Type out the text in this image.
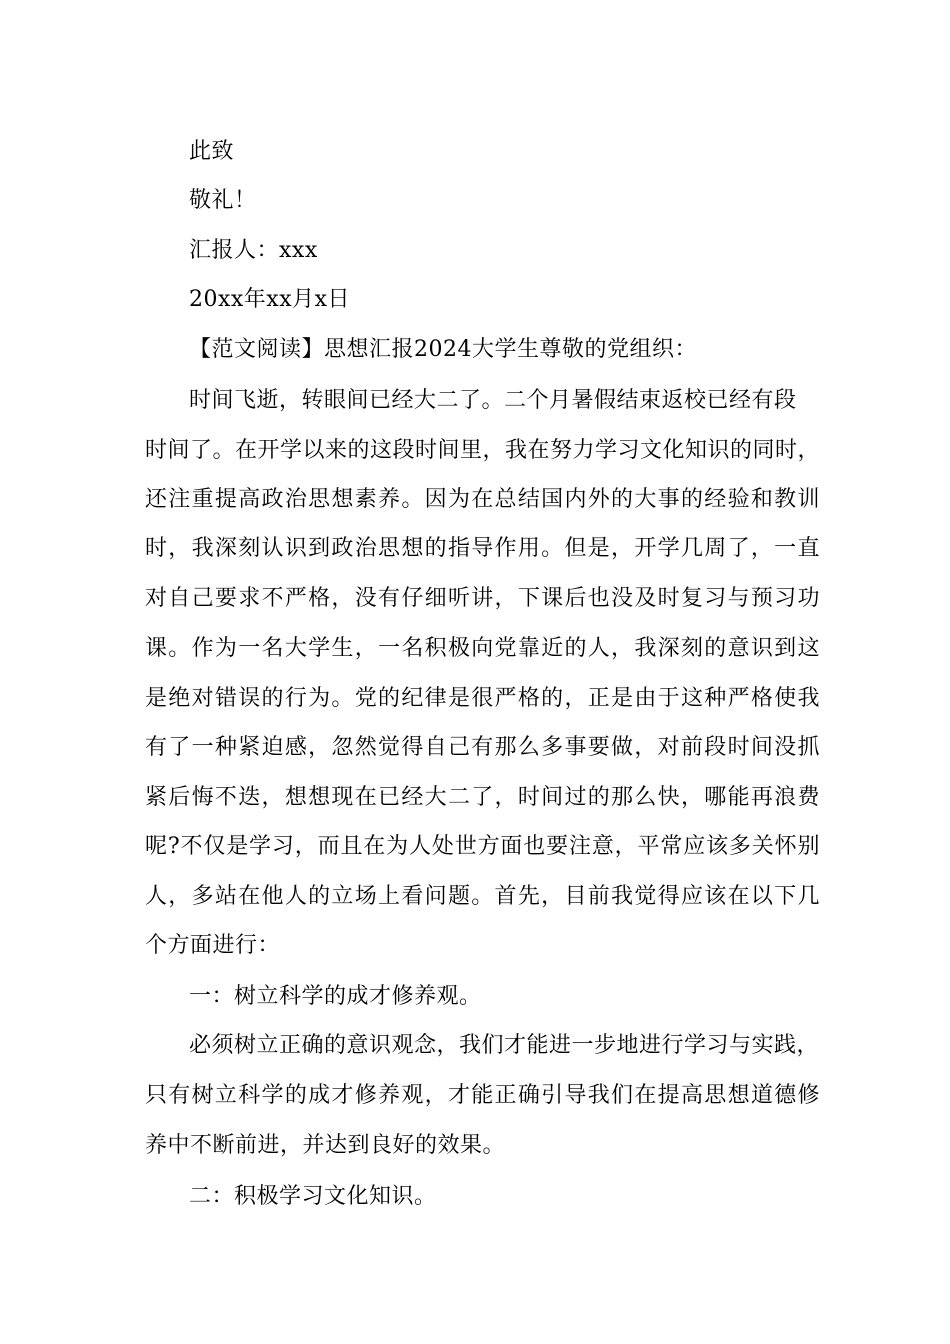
此致
敬礼！
汇报人：xxx
20xx年xx月x日
【范文阅读】思想汇报2024大学生尊敬的党组织：
时间飞逝，转眼间已经大二了。二个月暑假结束返校已经有段
时间了。在开学以来的这段时间里，我在努力学习文化知识的同时，
还注重提高政治思想素养。因为在总结国内外的大事的经验和教训
时，我深刻认识到政治思想的指导作用。但是，开学几周了，一直
对自己要求不严格，没有仔细听讲，下课后也没及时复习与预习功
课。作为一名大学生，一名积极向党靠近的人，我深刻的意识到这
是绝对错误的行为。党的纪律是很严格的，正是由于这种严格使我
有了一种紧迫感，忽然觉得自己有那么多事要做，对前段时间没抓
紧后悔不迭，想想现在已经大二了，时间过的那么快，哪能再浪费
呢?不仅是学习，而且在为人处世方面也要注意，平常应该多关怀别
人，多站在他人的立场上看问题。首先，目前我觉得应该在以下几
个方面进行：
一：树立科学的成才修养观。
必须树立正确的意识观念，我们才能进一步地进行学习与实践，
只有树立科学的成才修养观，才能正确引导我们在提高思想道德修
养中不断前进，并达到良好的效果。
二：积极学习文化知识。
